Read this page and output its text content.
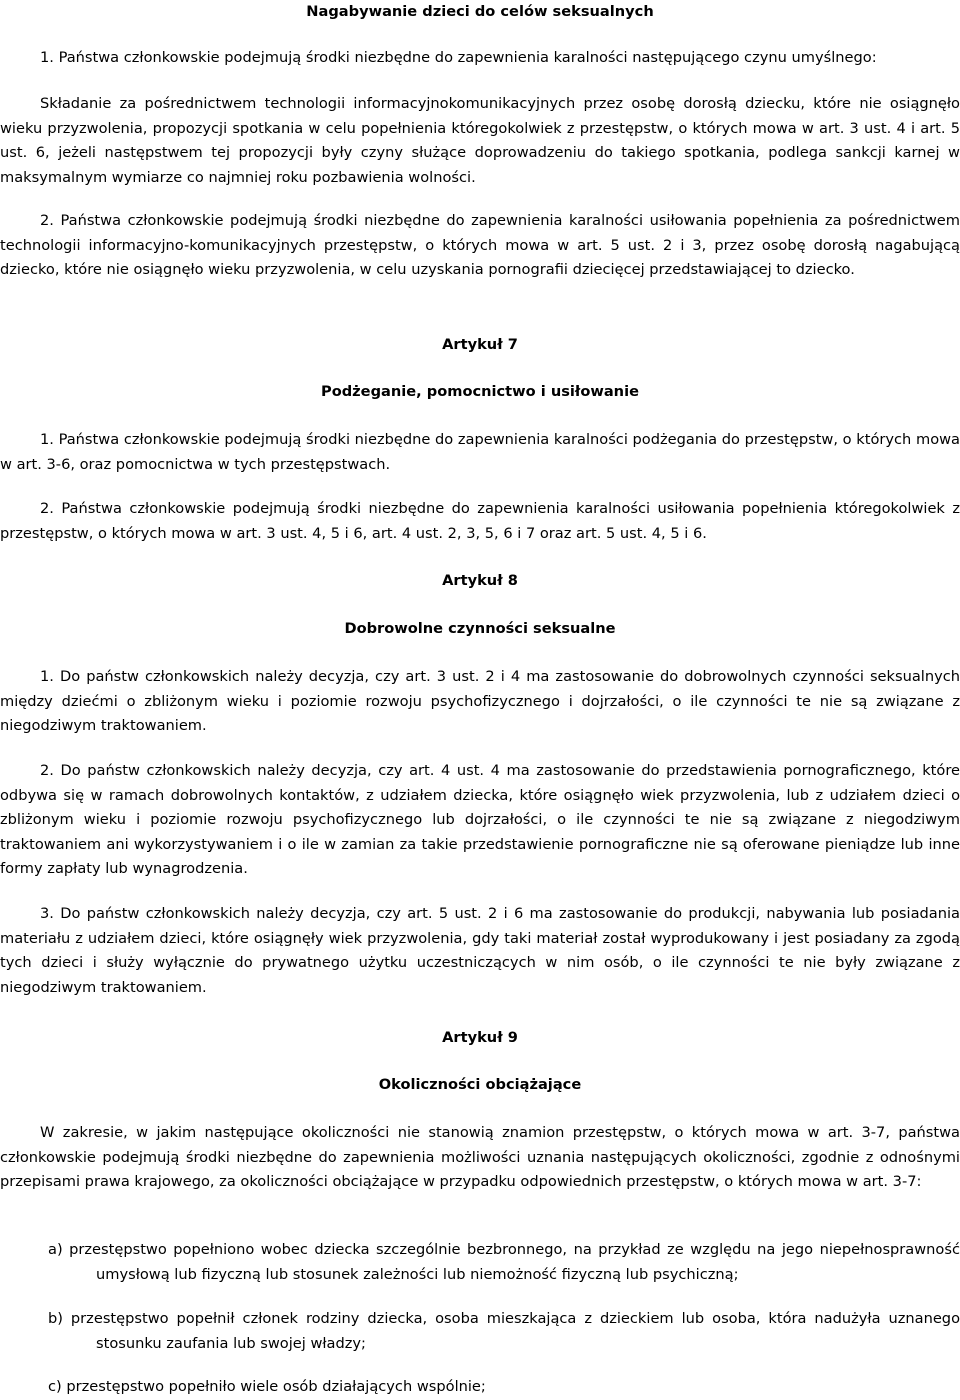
Nagabywanie dzieci do celów seksualnych
1. Państwa członkowskie podejmują środki niezbędne do zapewnienia karalności następującego czynu umyślnego:
Składanie za pośrednictwem technologii informacyjnokomunikacyjnych przez osobę dorosłą dziecku, które nie osiągnęło wieku przyzwolenia, propozycji spotkania w celu popełnienia któregokolwiek z przestępstw, o których mowa w art. 3 ust. 4 i art. 5 ust. 6, jeżeli następstwem tej propozycji były czyny służące doprowadzeniu do takiego spotkania, podlega sankcji karnej w maksymalnym wymiarze co najmniej roku pozbawienia wolności.
2. Państwa członkowskie podejmują środki niezbędne do zapewnienia karalności usiłowania popełnienia za pośrednictwem technologii informacyjno-komunikacyjnych przestępstw, o których mowa w art. 5 ust. 2 i 3, przez osobę dorosłą nagabującą dziecko, które nie osiągnęło wieku przyzwolenia, w celu uzyskania pornografii dziecięcej przedstawiającej to dziecko.
Artykuł 7
Podżeganie, pomocnictwo i usiłowanie
1. Państwa członkowskie podejmują środki niezbędne do zapewnienia karalności podżegania do przestępstw, o których mowa w art. 3-6, oraz pomocnictwa w tych przestępstwach.
2. Państwa członkowskie podejmują środki niezbędne do zapewnienia karalności usiłowania popełnienia któregokolwiek z przestępstw, o których mowa w art. 3 ust. 4, 5 i 6, art. 4 ust. 2, 3, 5, 6 i 7 oraz art. 5 ust. 4, 5 i 6.
Artykuł 8
Dobrowolne czynności seksualne
1. Do państw członkowskich należy decyzja, czy art. 3 ust. 2 i 4 ma zastosowanie do dobrowolnych czynności seksualnych między dziećmi o zbliżonym wieku i poziomie rozwoju psychofizycznego i dojrzałości, o ile czynności te nie są związane z niegodziwym traktowaniem.
2. Do państw członkowskich należy decyzja, czy art. 4 ust. 4 ma zastosowanie do przedstawienia pornograficznego, które odbywa się w ramach dobrowolnych kontaktów, z udziałem dziecka, które osiągnęło wiek przyzwolenia, lub z udziałem dzieci o zbliżonym wieku i poziomie rozwoju psychofizycznego lub dojrzałości, o ile czynności te nie są związane z niegodziwym traktowaniem ani wykorzystywaniem i o ile w zamian za takie przedstawienie pornograficzne nie są oferowane pieniądze lub inne formy zapłaty lub wynagrodzenia.
3. Do państw członkowskich należy decyzja, czy art. 5 ust. 2 i 6 ma zastosowanie do produkcji, nabywania lub posiadania materiału z udziałem dzieci, które osiągnęły wiek przyzwolenia, gdy taki materiał został wyprodukowany i jest posiadany za zgodą tych dzieci i służy wyłącznie do prywatnego użytku uczestniczących w nim osób, o ile czynności te nie były związane z niegodziwym traktowaniem.
Artykuł 9
Okoliczności obciążające
W zakresie, w jakim następujące okoliczności nie stanowią znamion przestępstw, o których mowa w art. 3-7, państwa członkowskie podejmują środki niezbędne do zapewnienia możliwości uznania następujących okoliczności, zgodnie z odnośnymi przepisami prawa krajowego, za okoliczności obciążające w przypadku odpowiednich przestępstw, o których mowa w art. 3-7:
a) przestępstwo popełniono wobec dziecka szczególnie bezbronnego, na przykład ze względu na jego niepełnosprawność umysłową lub fizyczną lub stosunek zależności lub niemożność fizyczną lub psychiczną;
b) przestępstwo popełnił członek rodziny dziecka, osoba mieszkająca z dzieckiem lub osoba, która nadużyła uznanego stosunku zaufania lub swojej władzy;
c) przestępstwo popełniło wiele osób działających wspólnie;
